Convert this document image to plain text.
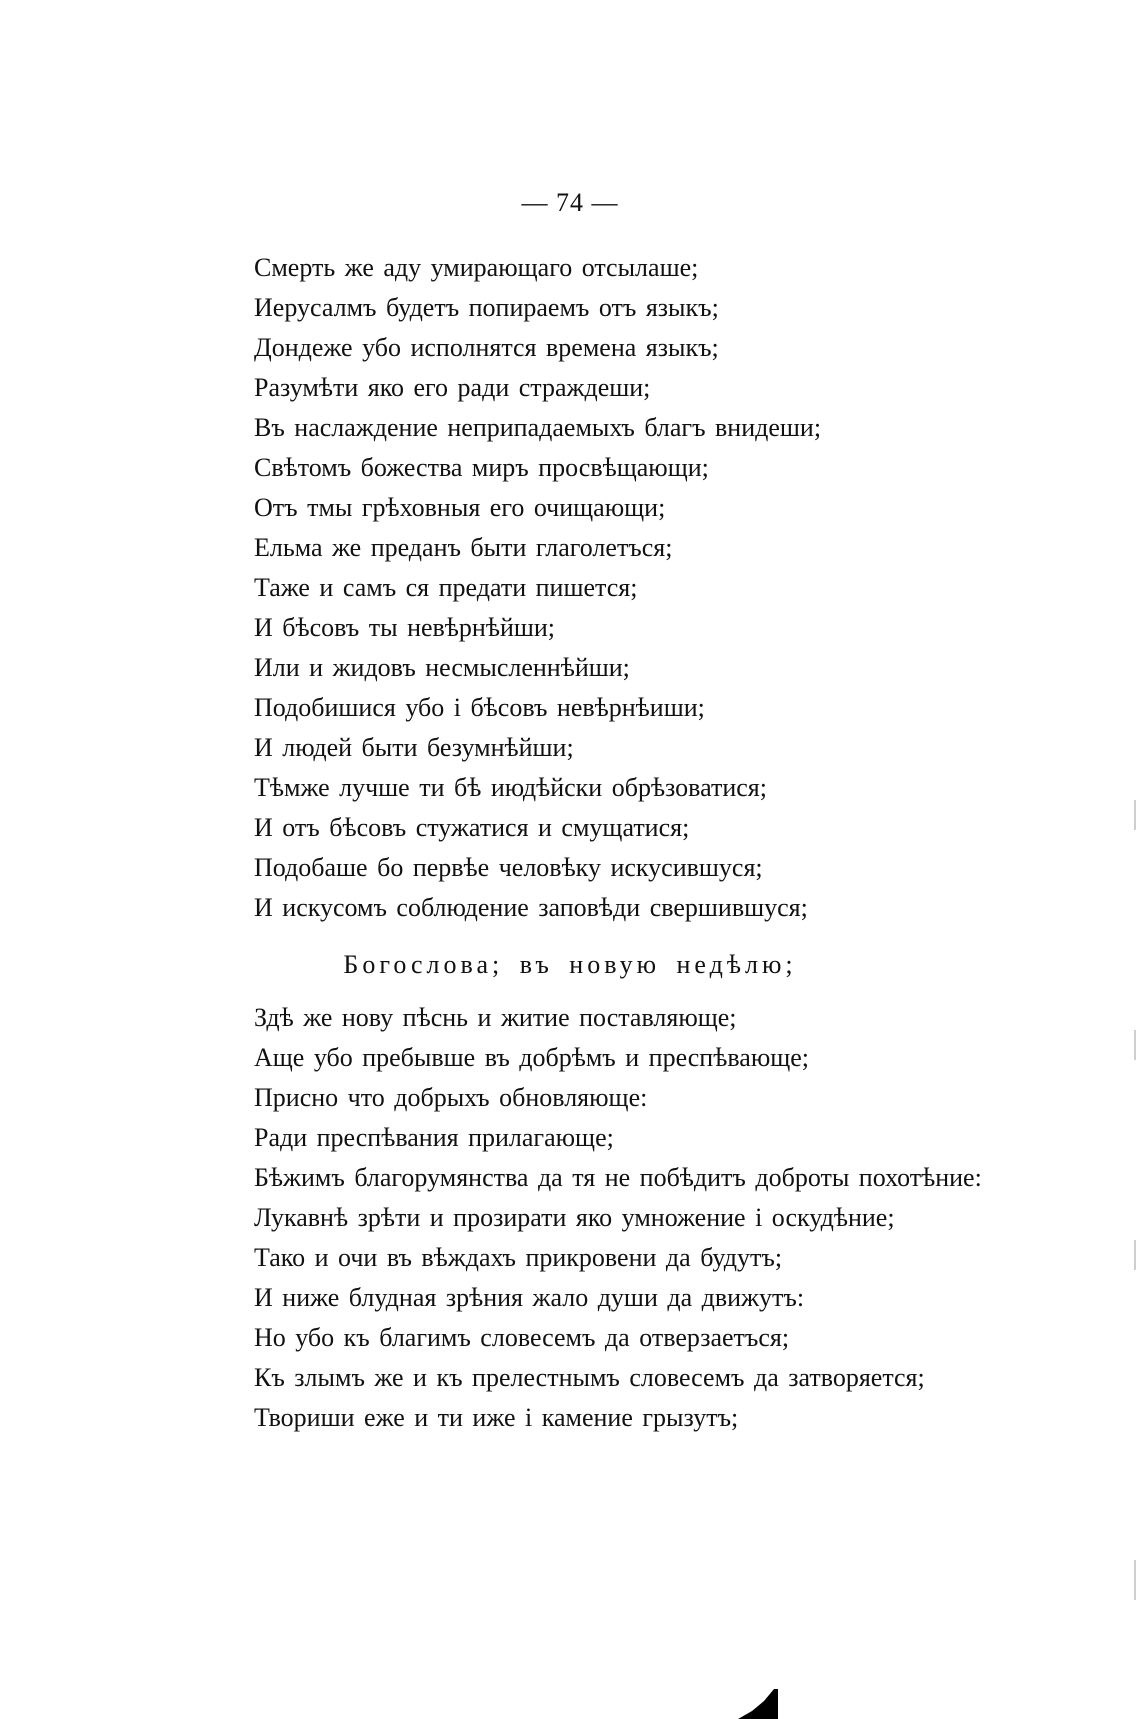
— 74 —
Смерть же аду умирающаго отсылаше;
Иерусалмъ будетъ попираемъ отъ языкъ;
Дондеже убо исполнятся времена языкъ;
Разумѣти яко его ради страждеши;
Въ наслаждение неприпадаемыхъ благъ внидеши;
Свѣтомъ божества миръ просвѣщающи;
Отъ тмы грѣховныя его очищающи;
Ельма же преданъ быти глаголетъся;
Таже и самъ ся предати пишется;
И бѣсовъ ты невѣрнѣйши;
Или и жидовъ несмысленнѣйши;
Подобишися убо і бѣсовъ невѣрнѣиши;
И людей быти безумнѣйши;
Тѣмже лучше ти бѣ июдѣйски обрѣзоватися;
И отъ бѣсовъ стужатися и смущатися;
Подобаше бо первѣе человѣку искусившуся;
И искусомъ соблюдение заповѣди свершившуся;
Богослова; въ новую недѣлю;
Здѣ же нову пѣснь и житие поставляюще;
Аще убо пребывше въ добрѣмъ и преспѣвающе;
Присно что добрыхъ обновляюще:
Ради преспѣвания прилагающе;
Бѣжимъ благорумянства да тя не побѣдитъ доброты похотѣние:
Лукавнѣ зрѣти и прозирати яко умножение і оскудѣние;
Тако и очи въ вѣждахъ прикровени да будутъ;
И ниже блудная зрѣния жало души да движутъ:
Но убо къ благимъ словесемъ да отверзаетъся;
Къ злымъ же и къ прелестнымъ словесемъ да затворяется;
Твориши еже и ти иже і камение грызутъ;
